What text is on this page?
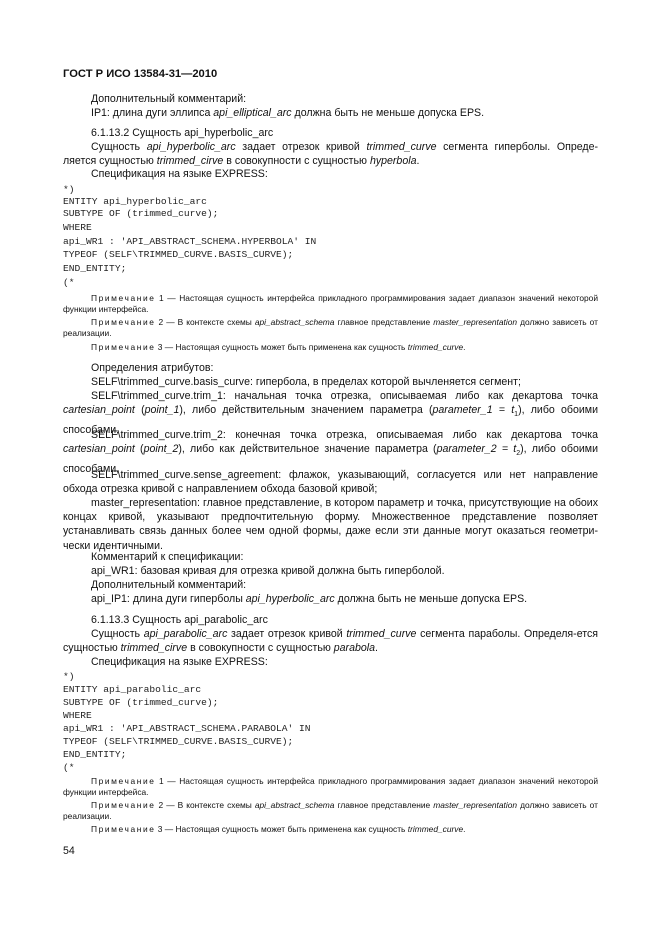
ГОСТ Р ИСО 13584-31—2010
Дополнительный комментарий:
IP1: длина дуги эллипса api_elliptical_arc должна быть не меньше допуска EPS.
6.1.13.2 Сущность api_hyperbolic_arc
Сущность api_hyperbolic_arc задает отрезок кривой trimmed_curve сегмента гиперболы. Опреде-ляется сущностью trimmed_cirve в совокупности с сущностью hyperbola.
Спецификация на языке EXPRESS:
*)
ENTITY api_hyperbolic_arc
SUBTYPE OF (trimmed_curve);
WHERE
api_WR1 : 'API_ABSTRACT_SCHEMA.HYPERBOLA' IN
TYPEOF (SELF\TRIMMED_CURVE.BASIS_CURVE);
END_ENTITY;
(*
Примечание 1 — Настоящая сущность интерфейса прикладного программирования задает диапазон значений некоторой функции интерфейса.
Примечание 2 — В контексте схемы api_abstract_schema главное представление master_representation должно зависеть от реализации.
Примечание 3 — Настоящая сущность может быть применена как сущность trimmed_curve.
Определения атрибутов:
SELF\trimmed_curve.basis_curve: гипербола, в пределах которой вычленяется сегмент;
SELF\trimmed_curve.trim_1: начальная точка отрезка, описываемая либо как декартова точка cartesian_point (point_1), либо действительным значением параметра (parameter_1 = $t_1$), либо обоими способами,
SELF\trimmed_curve.trim_2: конечная точка отрезка, описываемая либо как декартова точка cartesian_point (point_2), либо как действительное значение параметра (parameter_2 = $t_2$), либо обоими способами,
SELF\trimmed_curve.sense_agreement: флажок, указывающий, согласуется или нет направление обхода отрезка кривой с направлением обхода базовой кривой;
master_representation: главное представление, в котором параметр и точка, присутствующие на обоих концах кривой, указывают предпочтительную форму. Множественное представление позволяет устанавливать связь данных более чем одной формы, даже если эти данные могут оказаться геометри-чески идентичными.
Комментарий к спецификации:
api_WR1: базовая кривая для отрезка кривой должна быть гиперболой.
Дополнительный комментарий:
api_IP1: длина дуги гиперболы api_hyperbolic_arc должна быть не меньше допуска EPS.
6.1.13.3 Сущность api_parabolic_arc
Сущность api_parabolic_arc задает отрезок кривой trimmed_curve сегмента параболы. Определя-ется сущностью trimmed_cirve в совокупности с сущностью parabola.
Спецификация на языке EXPRESS:
*)
ENTITY api_parabolic_arc
SUBTYPE OF (trimmed_curve);
WHERE
api_WR1 : 'API_ABSTRACT_SCHEMA.PARABOLA' IN
TYPEOF (SELF\TRIMMED_CURVE.BASIS_CURVE);
END_ENTITY;
(*
Примечание 1 — Настоящая сущность интерфейса прикладного программирования задает диапазон значений некоторой функции интерфейса.
Примечание 2 — В контексте схемы api_abstract_schema главное представление master_representation должно зависеть от реализации.
Примечание 3 — Настоящая сущность может быть применена как сущность trimmed_curve.
54
